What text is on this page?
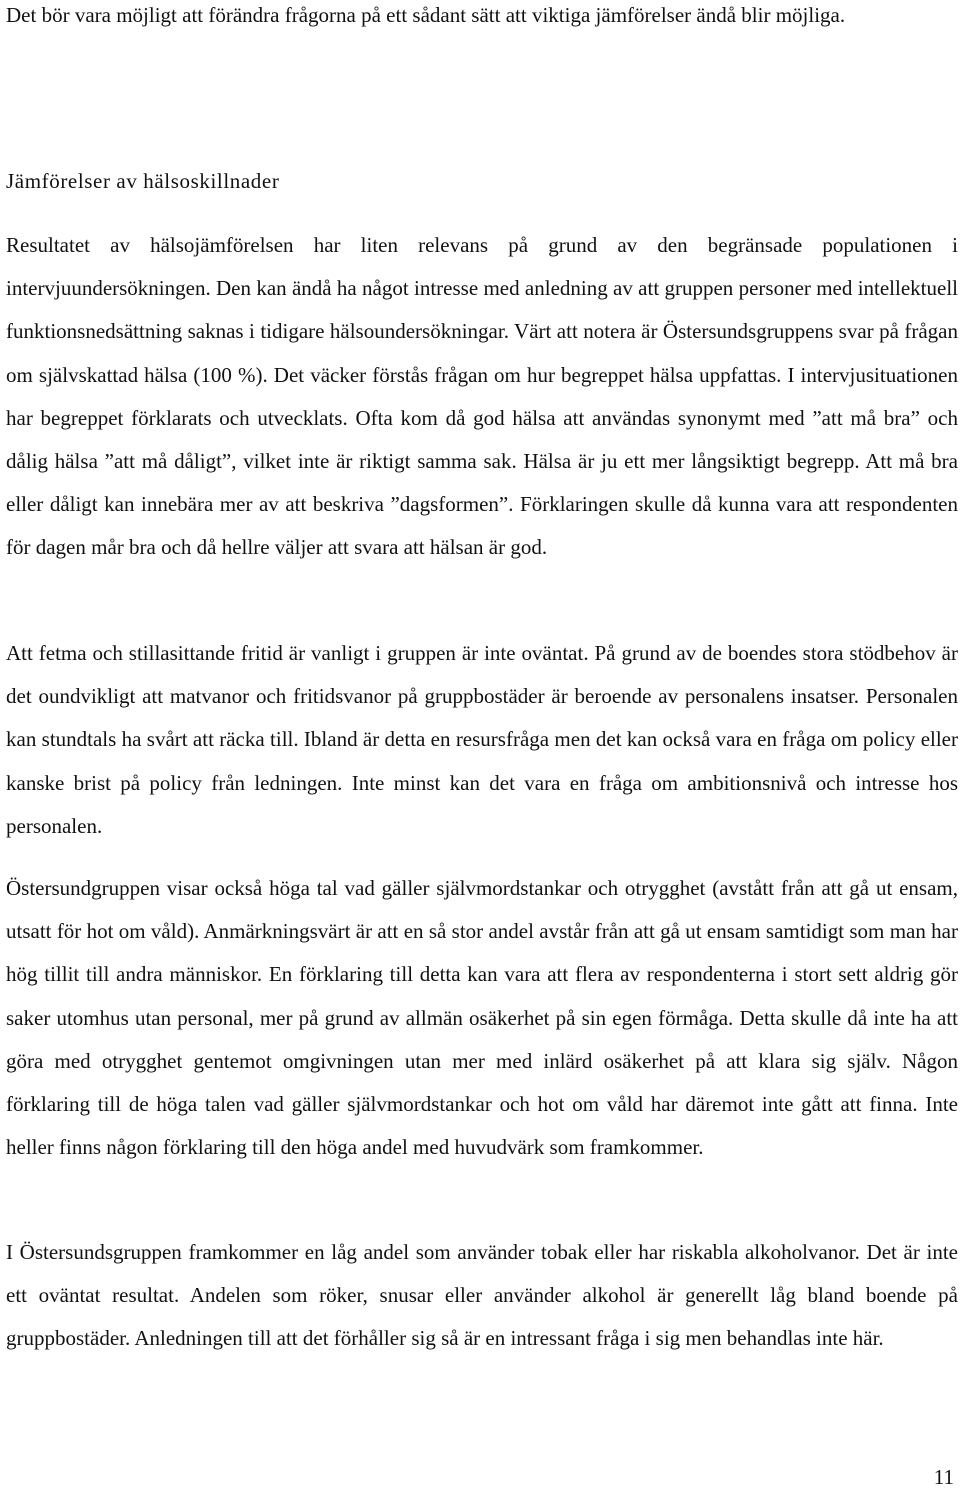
Det bör vara möjligt att förändra frågorna på ett sådant sätt att viktiga jämförelser ändå blir möjliga.

Jämförelser av hälsoskillnader

Resultatet av hälsojämförelsen har liten relevans på grund av den begränsade populationen i intervjuundersökningen. Den kan ändå ha något intresse med anledning av att gruppen personer med intellektuell funktionsnedsättning saknas i tidigare hälsoundersökningar. Värt att notera är Östersundsgruppens svar på frågan om självskattad hälsa (100 %). Det väcker förstås frågan om hur begreppet hälsa uppfattas. I intervjusituationen har begreppet förklarats och utvecklats. Ofta kom då god hälsa att användas synonymt med ”att må bra” och dålig hälsa ”att må dåligt”, vilket inte är riktigt samma sak. Hälsa är ju ett mer långsiktigt begrepp. Att må bra eller dåligt kan innebära mer av att beskriva ”dagsformen”. Förklaringen skulle då kunna vara att respondenten för dagen mår bra och då hellre väljer att svara att hälsan är god.

Att fetma och stillasittande fritid är vanligt i gruppen är inte oväntat. På grund av de boendes stora stödbehov är det oundvikligt att matvanor och fritidsvanor på gruppbostäder är beroende av personalens insatser. Personalen kan stundtals ha svårt att räcka till. Ibland är detta en resursfråga men det kan också vara en fråga om policy eller kanske brist på policy från ledningen. Inte minst kan det vara en fråga om ambitionsnivå och intresse hos personalen.

Östersundgruppen visar också höga tal vad gäller självmordstankar och otrygghet (avstått från att gå ut ensam, utsatt för hot om våld). Anmärkningsvärt är att en så stor andel avstår från att gå ut ensam samtidigt som man har hög tillit till andra människor. En förklaring till detta kan vara att flera av respondenterna i stort sett aldrig gör saker utomhus utan personal, mer på grund av allmän osäkerhet på sin egen förmåga. Detta skulle då inte ha att göra med otrygghet gentemot omgivningen utan mer med inlärd osäkerhet på att klara sig själv. Någon förklaring till de höga talen vad gäller självmordstankar och hot om våld har däremot inte gått att finna. Inte heller finns någon förklaring till den höga andel med huvudvärk som framkommer.

I Östersundsgruppen framkommer en låg andel som använder tobak eller har riskabla alkoholvanor. Det är inte ett oväntat resultat. Andelen som röker, snusar eller använder alkohol är generellt låg bland boende på gruppbostäder. Anledningen till att det förhåller sig så är en intressant fråga i sig men behandlas inte här.

11
